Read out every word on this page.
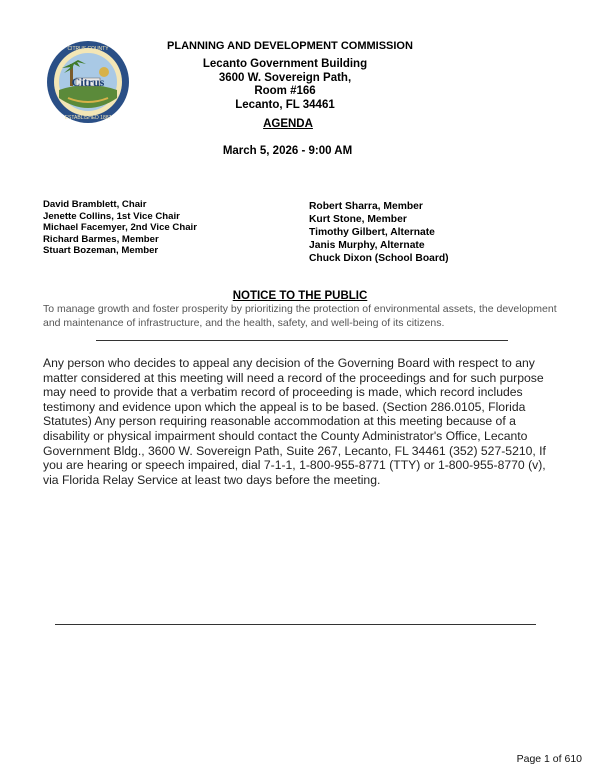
Citrus
CITRUS COUNTY
ESTABLISHED 1887
PLANNING AND DEVELOPMENT COMMISSION
Lecanto Government Building
3600 W. Sovereign Path,
Room #166
Lecanto, FL 34461
AGENDA
March 5, 2026 - 9:00 AM
David Bramblett, Chair
Jenette Collins, 1st Vice Chair
Michael Facemyer, 2nd Vice Chair
Richard Barmes, Member
Stuart Bozeman, Member
Robert Sharra, Member
Kurt Stone, Member
Timothy Gilbert, Alternate
Janis Murphy, Alternate
Chuck Dixon (School Board)
NOTICE TO THE PUBLIC
To manage growth and foster prosperity by prioritizing the protection of environmental assets, the development and maintenance of infrastructure, and the health, safety, and well-being of its citizens.
Any person who decides to appeal any decision of the Governing Board with respect to any matter considered at this meeting will need a record of the proceedings and for such purpose may need to provide that a verbatim record of proceeding is made, which record includes testimony and evidence upon which the appeal is to be based. (Section 286.0105, Florida Statutes) Any person requiring reasonable accommodation at this meeting because of a disability or physical impairment should contact the County Administrator's Office, Lecanto Government Bldg., 3600 W. Sovereign Path, Suite 267, Lecanto, FL 34461 (352) 527-5210, If you are hearing or speech impaired, dial 7-1-1, 1-800-955-8771 (TTY) or 1-800-955-8770 (v), via Florida Relay Service at least two days before the meeting.
Page 1 of 610
